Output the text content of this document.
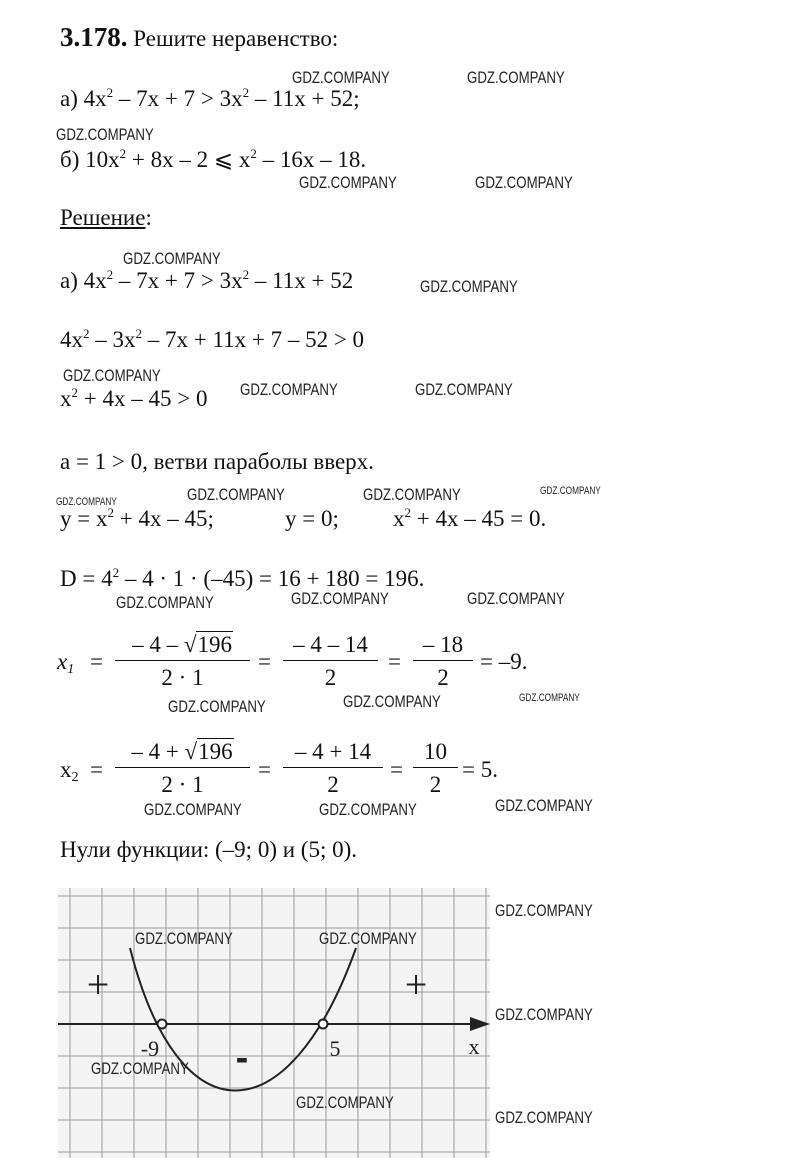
3.178. Решите неравенство:
а) $4x^2 - 7x + 7 > 3x^2 - 11x + 52$;
б) $10x^2 + 8x - 2$ ⩽ $x^2 - 16x - 18$.
Решение:
а) $4x^2 - 7x + 7 > 3x^2 - 11x + 52$
$4x^2 - 3x^2 - 7x + 11x + 7 - 52 > 0$
$x^2 + 4x - 45 > 0$
a = 1 > 0, ветви параболы вверх.
$y = x^2 + 4x - 45$;	y = 0; $x^2 + 4x - 45 = 0$.
$D = 4^2 - 4 \cdot 1 \cdot (-45) = 16 + 180 = 196$.
$x_1 = \frac{- 4 - √196}{2 \cdot 1} = \frac{- 4 - 14}{2} = \frac{- 18}{2} = -9$.
$x_2 = \frac{- 4 + √196}{2 \cdot 1} = \frac{- 4 + 14}{2} = \frac{10}{2} = 5$.
Нули функции: (–9; 0) и (5; 0).
+	+
-
-9	5	x
GDZ.COMPANY	GDZ.COMPANY
GDZ.COMPANY
GDZ.COMPANY	GDZ.COMPANY
GDZ.COMPANY
GDZ.COMPANY
GDZ.COMPANY
GDZ.COMPANY	GDZ.COMPANY
GDZ.COMPANY	GDZ.COMPANY	GDZ.COMPANY	GDZ.COMPANY
GDZ.COMPANY	GDZ.COMPANY	GDZ.COMPANY
GDZ.COMPANY	GDZ.COMPANY	GDZ.COMPANY
GDZ.COMPANY	GDZ.COMPANY	GDZ.COMPANY
GDZ.COMPANY
GDZ.COMPANY	GDZ.COMPANY
GDZ.COMPANY
GDZ.COMPANY
GDZ.COMPANY
GDZ.COMPANY
